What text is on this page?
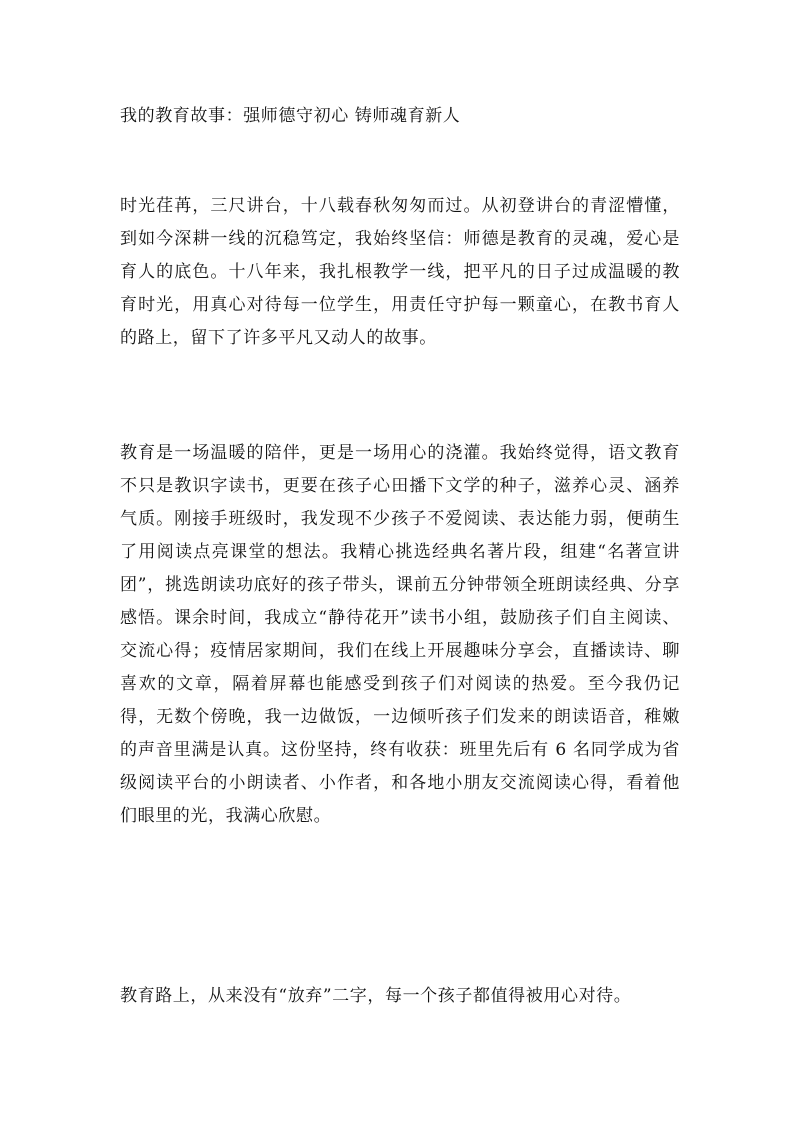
我的教育故事：强师德守初心 铸师魂育新人

时光荏苒，三尺讲台，十八载春秋匆匆而过。从初登讲台的青涩懵懂，到如今深耕一线的沉稳笃定，我始终坚信：师德是教育的灵魂，爱心是育人的底色。十八年来，我扎根教学一线，把平凡的日子过成温暖的教育时光，用真心对待每一位学生，用责任守护每一颗童心，在教书育人的路上，留下了许多平凡又动人的故事。

教育是一场温暖的陪伴，更是一场用心的浇灌。我始终觉得，语文教育不只是教识字读书，更要在孩子心田播下文学的种子，滋养心灵、涵养气质。刚接手班级时，我发现不少孩子不爱阅读、表达能力弱，便萌生了用阅读点亮课堂的想法。我精心挑选经典名著片段，组建“名著宣讲团”，挑选朗读功底好的孩子带头，课前五分钟带领全班朗读经典、分享感悟。课余时间，我成立“静待花开”读书小组，鼓励孩子们自主阅读、交流心得；疫情居家期间，我们在线上开展趣味分享会，直播读诗、聊喜欢的文章，隔着屏幕也能感受到孩子们对阅读的热爱。至今我仍记得，无数个傍晚，我一边做饭，一边倾听孩子们发来的朗读语音，稚嫩的声音里满是认真。这份坚持，终有收获：班里先后有 6 名同学成为省级阅读平台的小朗读者、小作者，和各地小朋友交流阅读心得，看着他们眼里的光，我满心欣慰。

教育路上，从来没有“放弃”二字，每一个孩子都值得被用心对待。
